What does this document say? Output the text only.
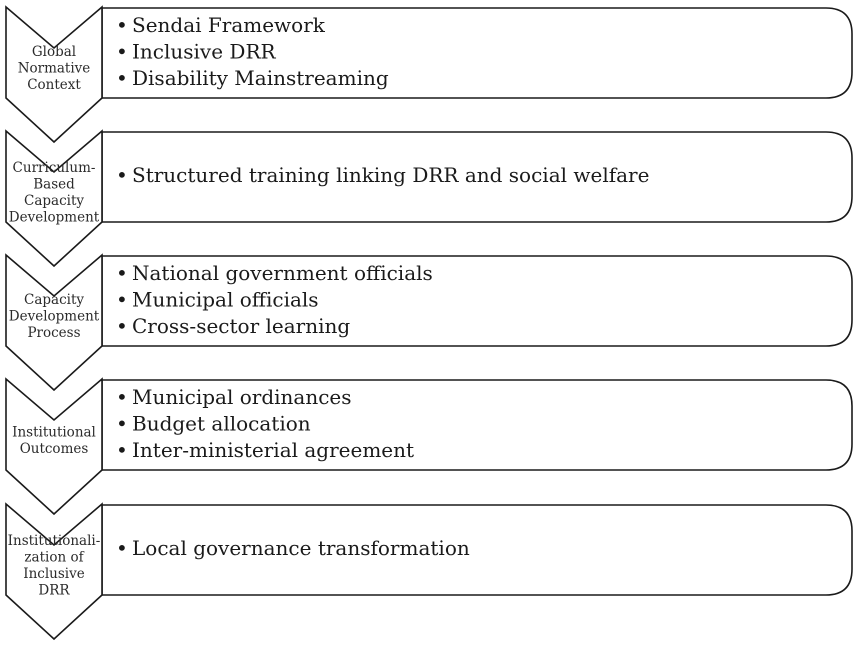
Global
Normative
Context
• Sendai Framework
• Inclusive DRR
• Disability Mainstreaming
Curriculum-
Based
Capacity
Development
• Structured training linking DRR and social welfare
Capacity
Development
Process
• National government officials
• Municipal officials
• Cross-sector learning
Institutional
Outcomes
• Municipal ordinances
• Budget allocation
• Inter-ministerial agreement
Institutionali-
zation of
Inclusive
DRR
• Local governance transformation
